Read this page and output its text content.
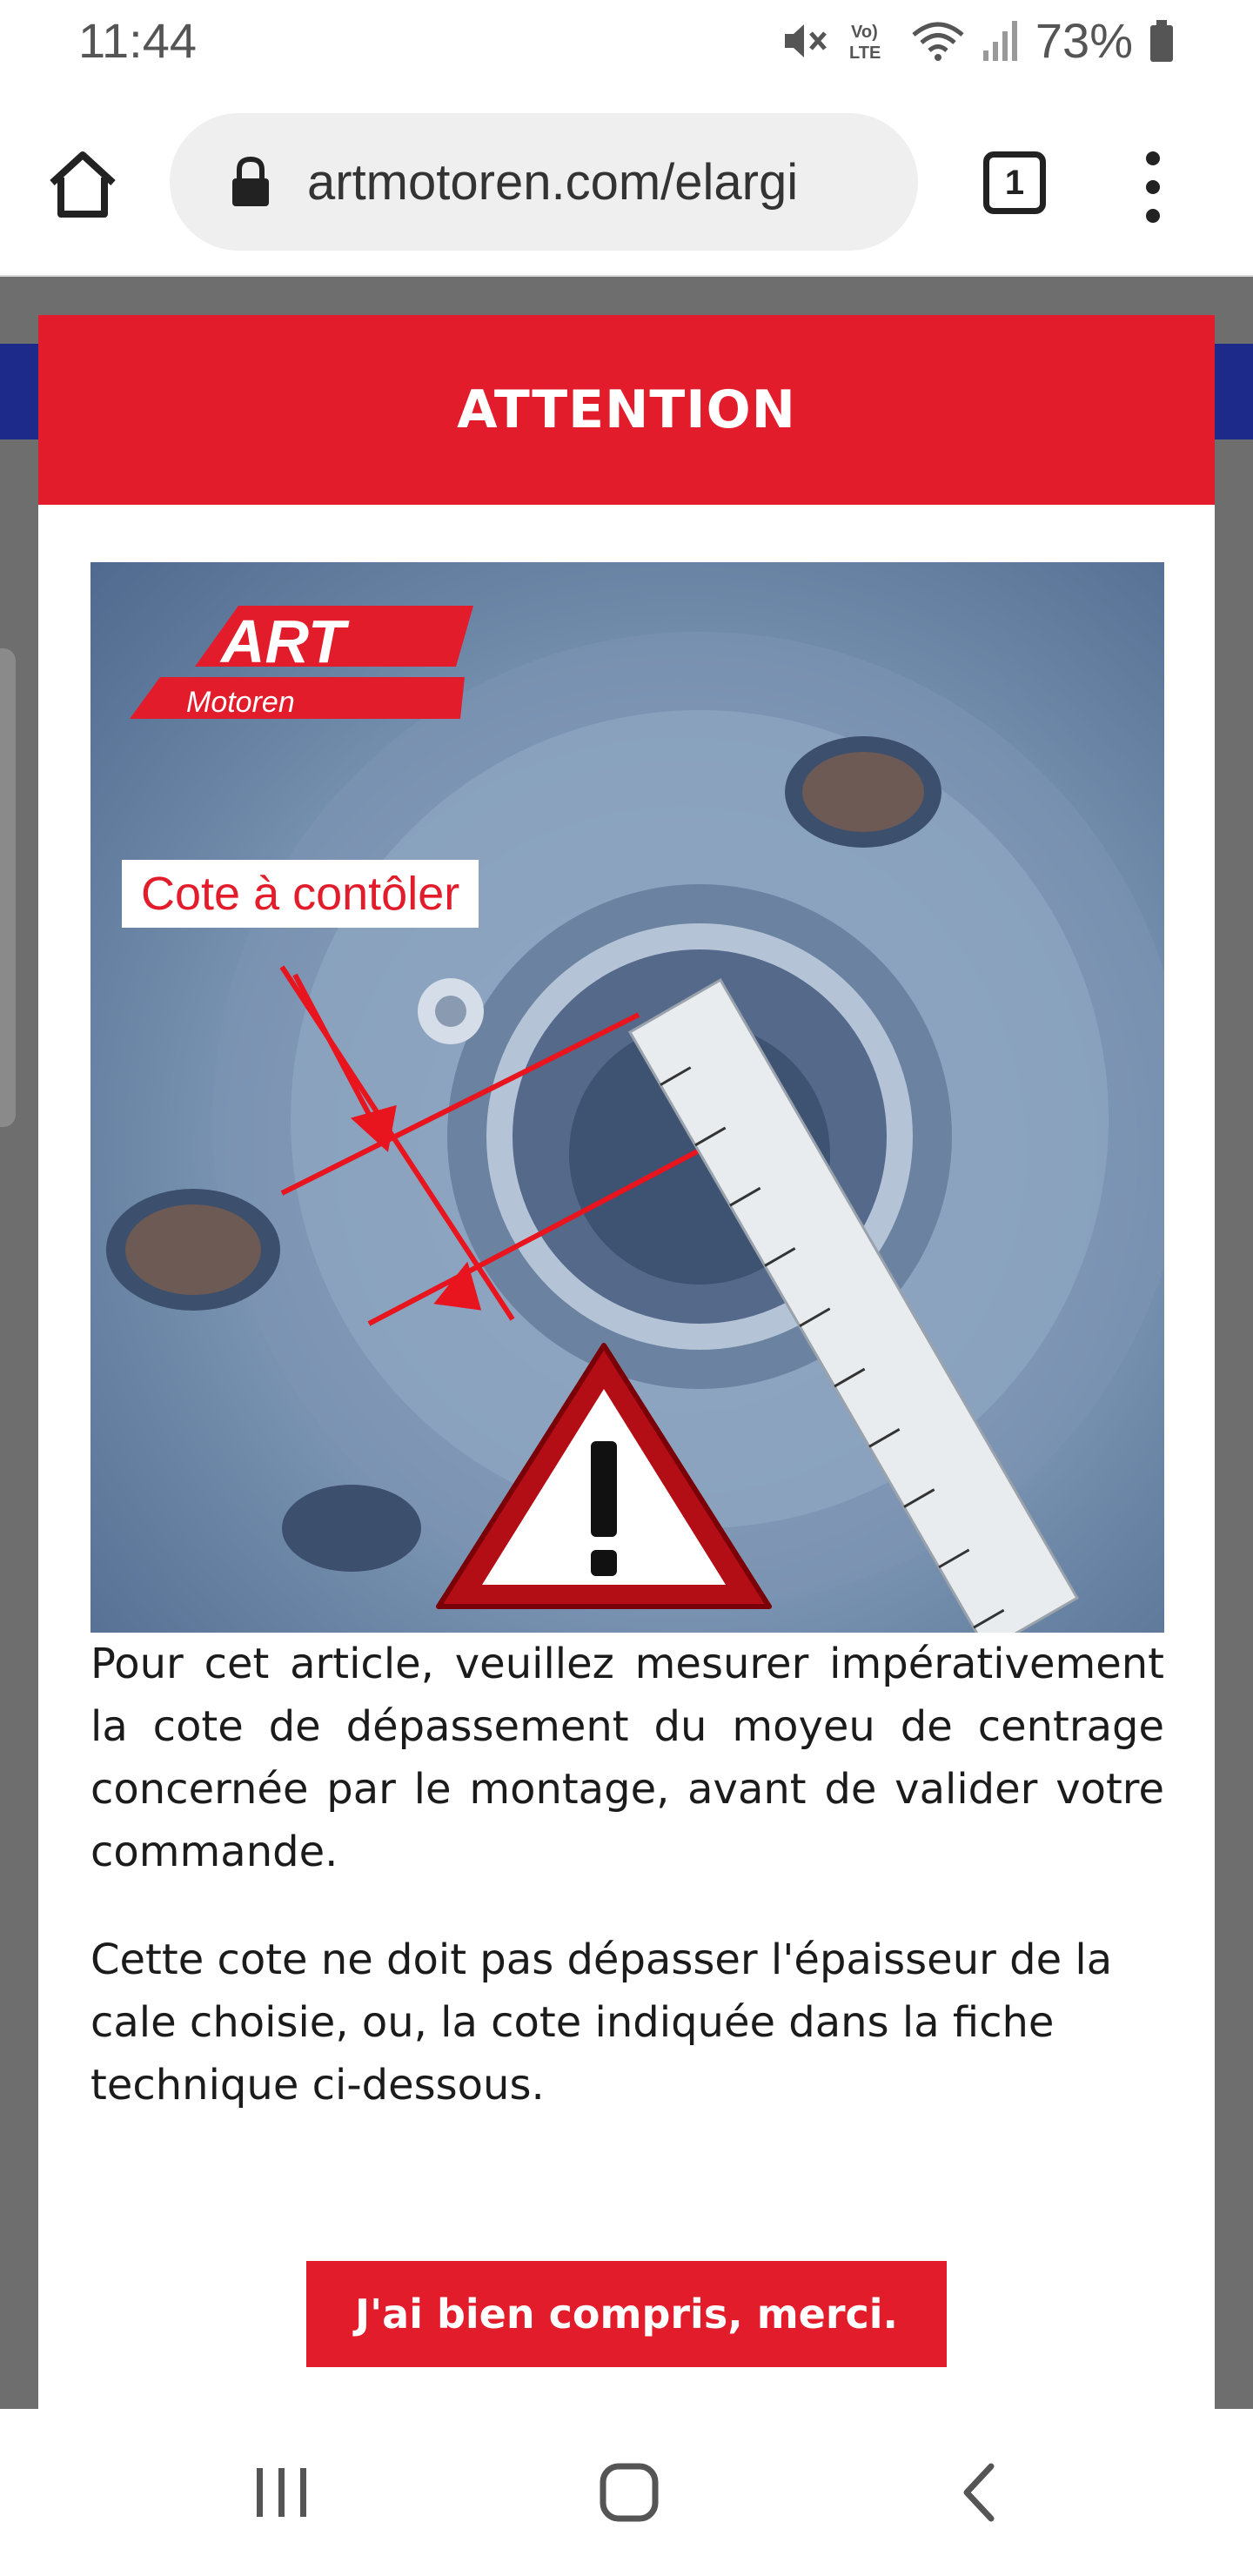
11:44	Vo)
LTE	73%
artmotoren.com/elargi	1
ATTENTION
ART
Motoren
Cote à contôler
Pour cet article, veuillez mesurer impérativement la cote de dépassement du moyeu de centrage concernée par le montage, avant de valider votre commande.
Cette cote ne doit pas dépasser l'épaisseur de la cale choisie, ou, la cote indiquée dans la fiche technique ci-dessous.
J'ai bien compris, merci.
